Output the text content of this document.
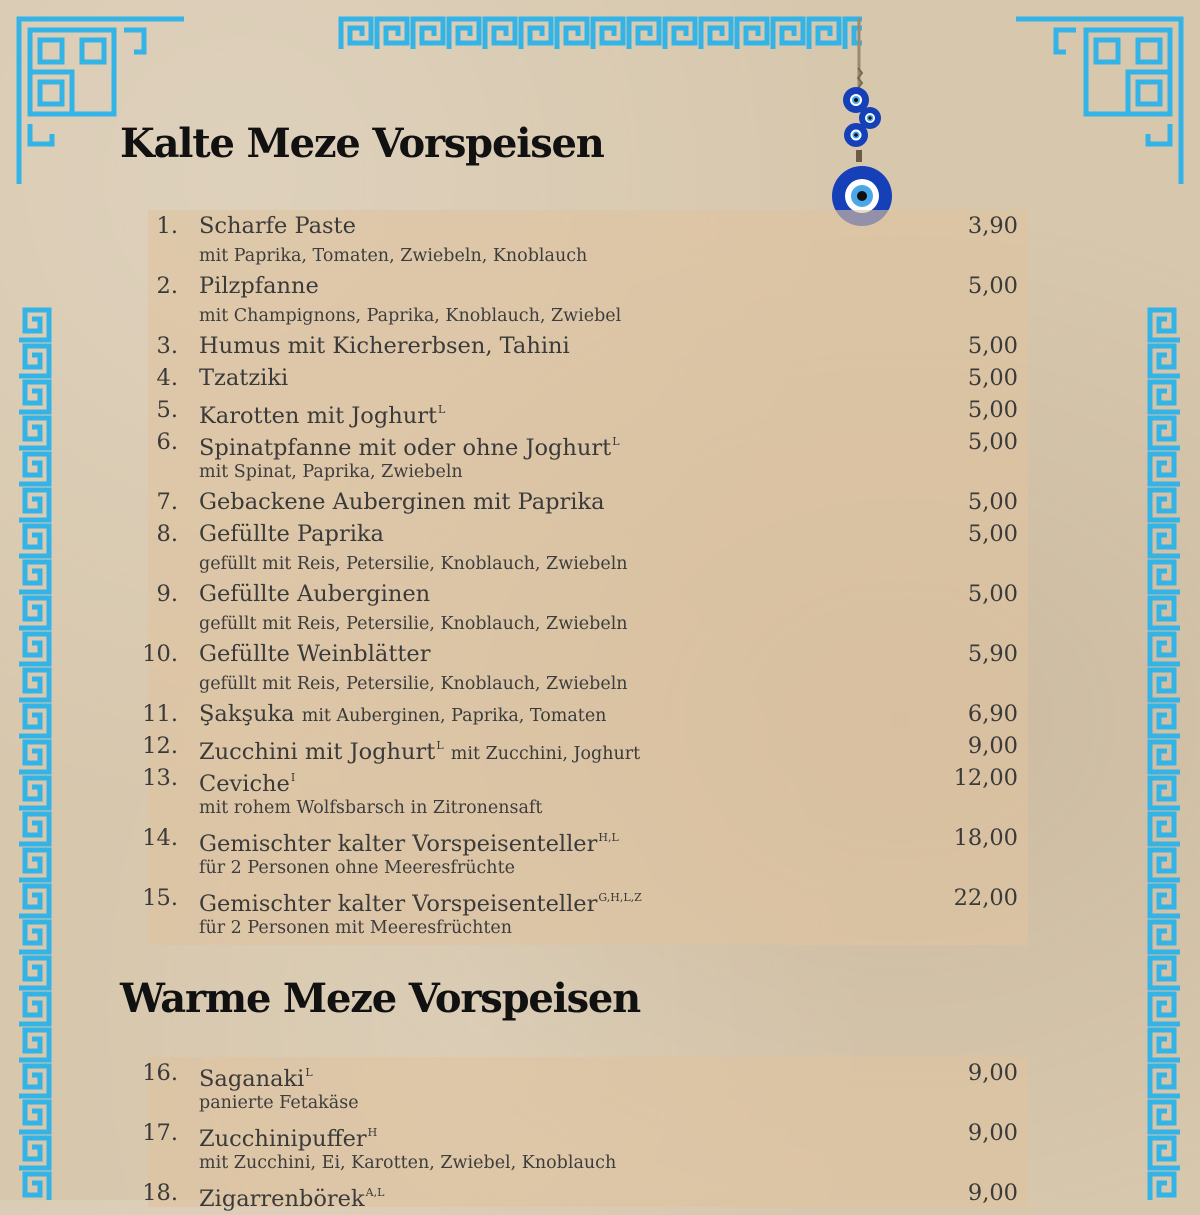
Kalte Meze Vorspeisen
1. Scharfe Paste	3,90
mit Paprika, Tomaten, Zwiebeln, Knoblauch
2. Pilzpfanne	5,00
mit Champignons, Paprika, Knoblauch, Zwiebel
3. Humus mit Kichererbsen, Tahini	5,00
4. Tzatziki	5,00
5. Karotten mit Joghurt$^L$	5,00
6. Spinatpfanne mit oder ohne Joghurt$^L$	5,00
mit Spinat, Paprika, Zwiebeln
7. Gebackene Auberginen mit Paprika	5,00
8. Gefüllte Paprika	5,00
gefüllt mit Reis, Petersilie, Knoblauch, Zwiebeln
9. Gefüllte Auberginen	5,00
gefüllt mit Reis, Petersilie, Knoblauch, Zwiebeln
10. Gefüllte Weinblätter	5,90
gefüllt mit Reis, Petersilie, Knoblauch, Zwiebeln
11. Şakşuka mit Auberginen, Paprika, Tomaten	6,90
12. Zucchini mit Joghurt$^L$ mit Zucchini, Joghurt	9,00
13. Ceviche$^I$	12,00
mit rohem Wolfsbarsch in Zitronensaft
14. Gemischter kalter Vorspeisenteller$^{H,L}$	18,00
für 2 Personen ohne Meeresfrüchte
15. Gemischter kalter Vorspeisenteller$^{G,H,L,Z}$	22,00
für 2 Personen mit Meeresfrüchten
Warme Meze Vorspeisen
16. Saganaki$^L$	9,00
panierte Fetakäse
17. Zucchinipuffer$^H$	9,00
mit Zucchini, Ei, Karotten, Zwiebel, Knoblauch
18. Zigarrenbörek$^{A,L}$	9,00
